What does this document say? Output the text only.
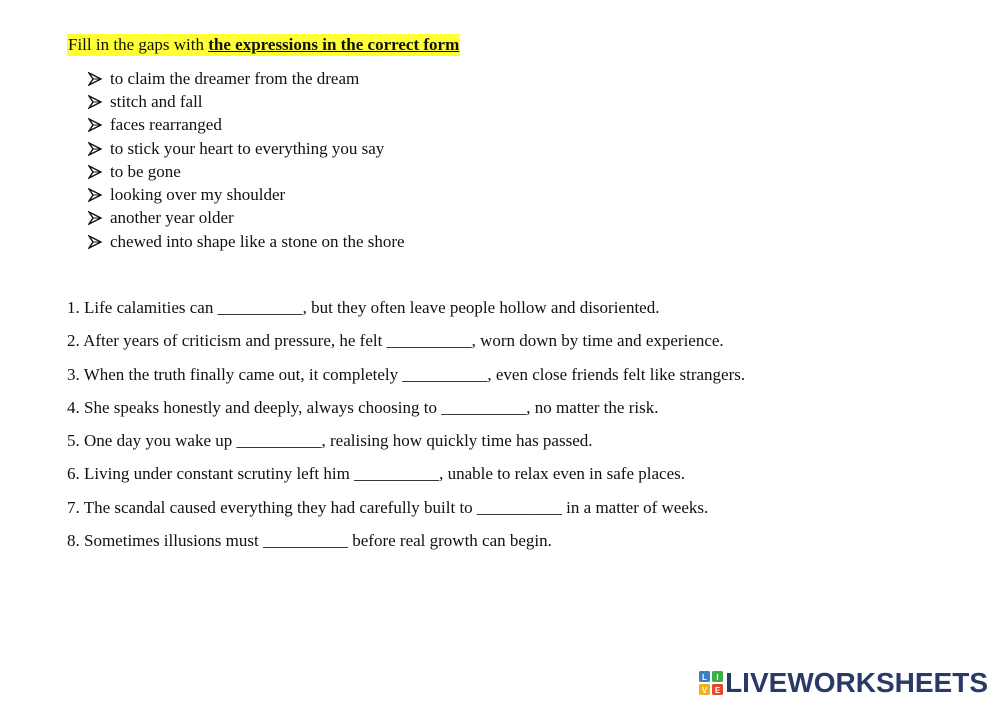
Fill in the gaps with the expressions in the correct form
to claim the dreamer from the dream
stitch and fall
faces rearranged
to stick your heart to everything you say
to be gone
looking over my shoulder
another year older
chewed into shape like a stone on the shore
1. Life calamities can __________, but they often leave people hollow and disoriented.
2. After years of criticism and pressure, he felt __________, worn down by time and experience.
3. When the truth finally came out, it completely __________, even close friends felt like strangers.
4. She speaks honestly and deeply, always choosing to __________, no matter the risk.
5. One day you wake up __________, realising how quickly time has passed.
6. Living under constant scrutiny left him __________, unable to relax even in safe places.
7. The scandal caused everything they had carefully built to __________ in a matter of weeks.
8. Sometimes illusions must __________ before real growth can begin.
L I
V E LIVEWORKSHEETS
